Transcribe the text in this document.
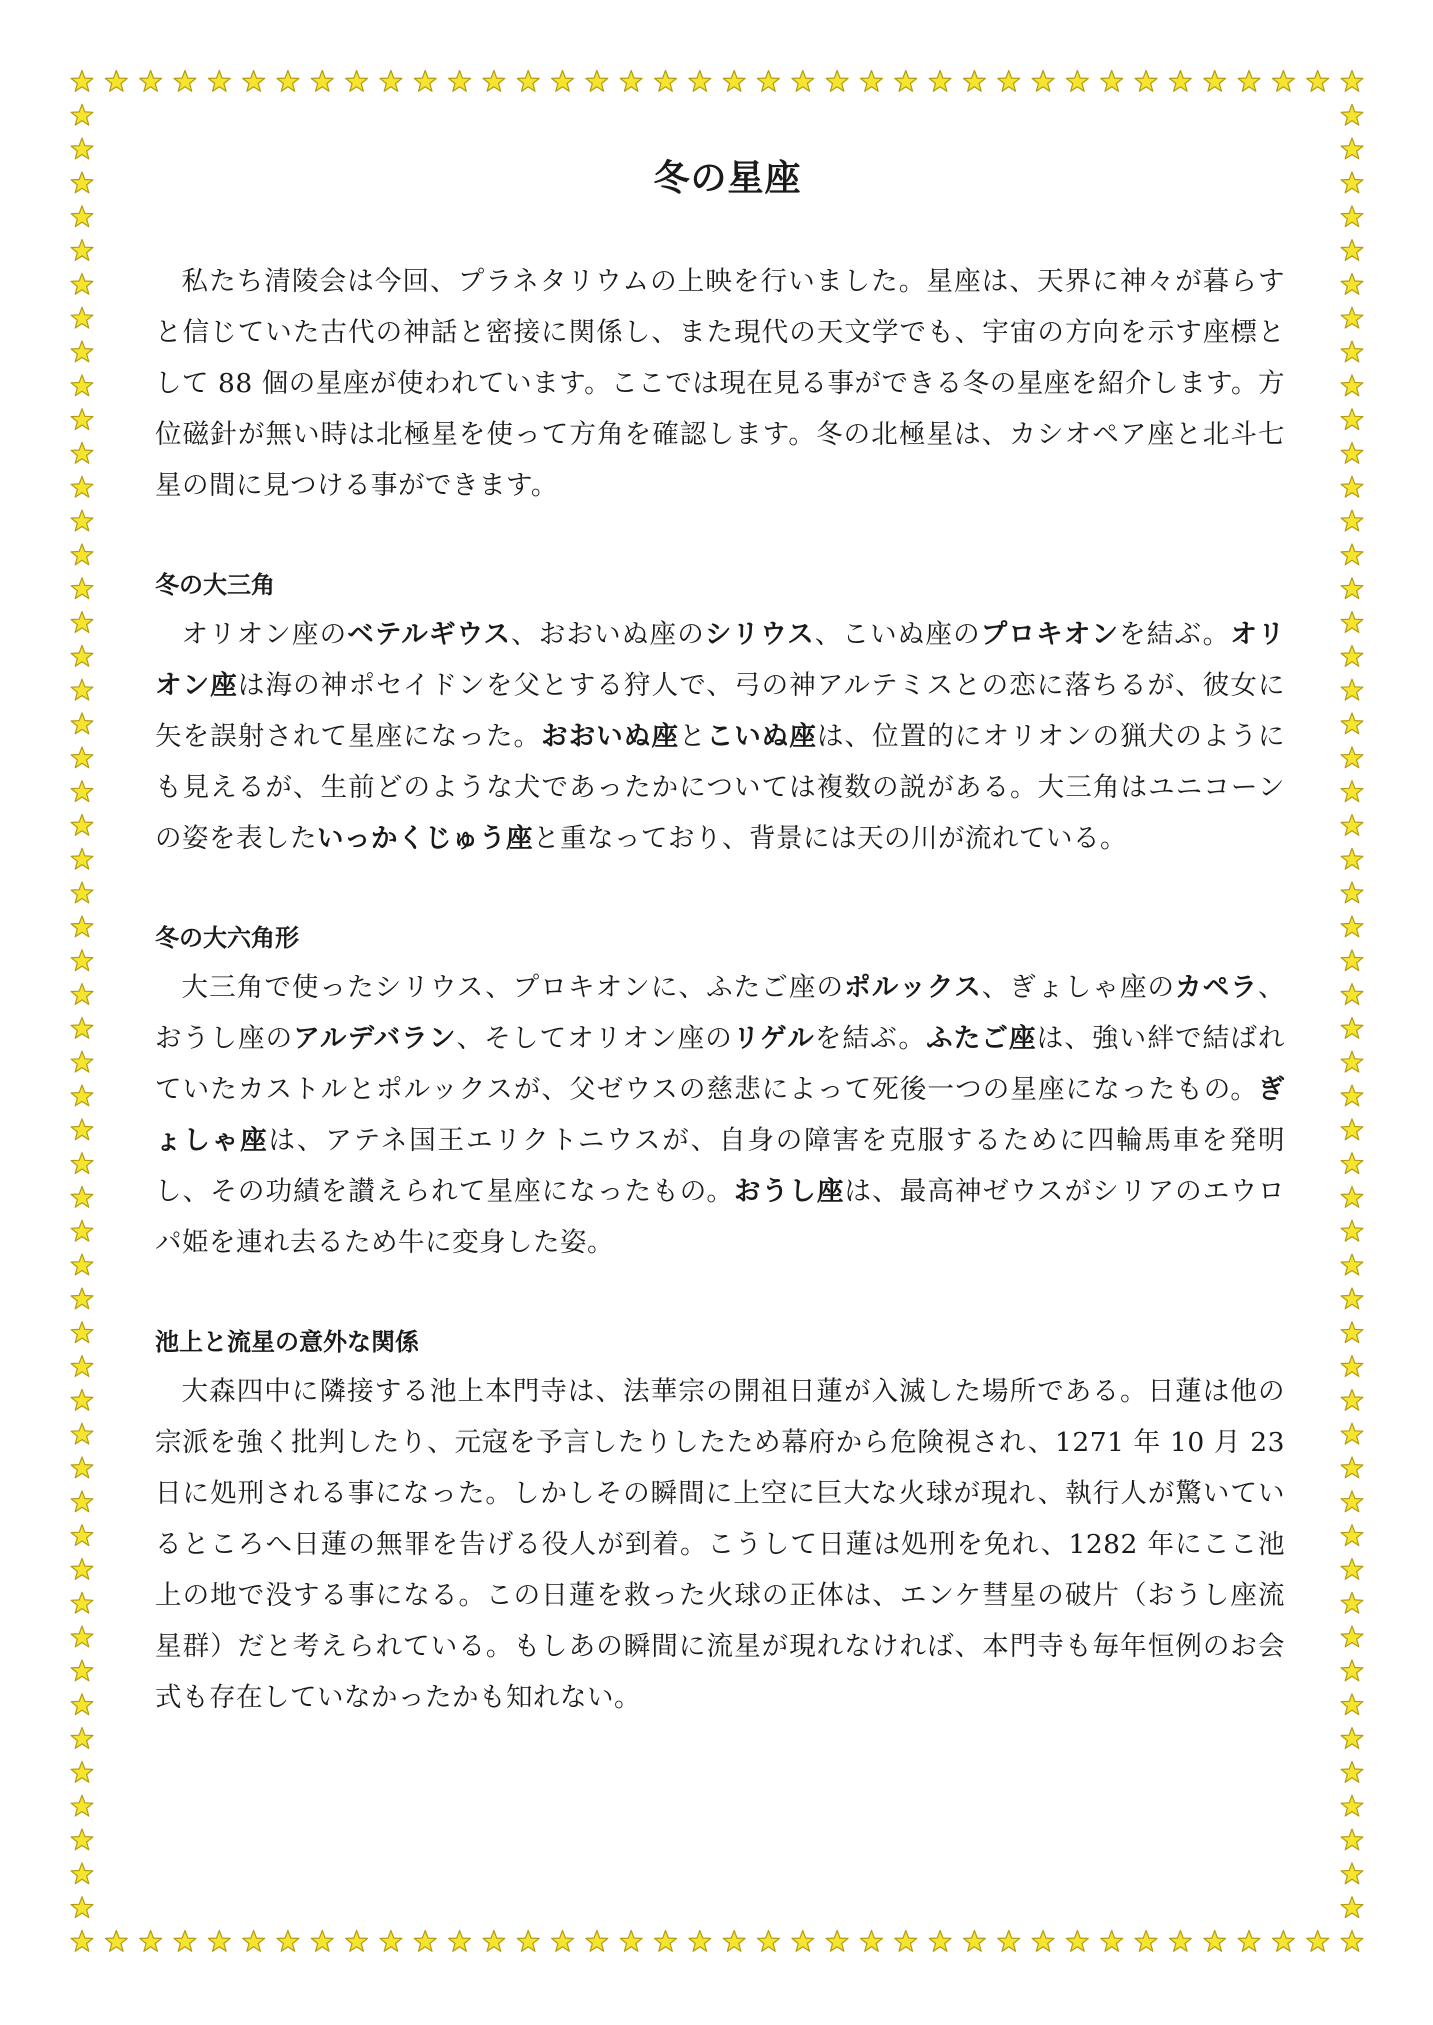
冬の星座

私たち清陵会は今回、プラネタリウムの上映を行いました。星座は、天界に神々が暮らすと信じていた古代の神話と密接に関係し、また現代の天文学でも、宇宙の方向を示す座標として 88 個の星座が使われています。ここでは現在見る事ができる冬の星座を紹介します。方位磁針が無い時は北極星を使って方角を確認します。冬の北極星は、カシオペア座と北斗七星の間に見つける事ができます。

冬の大三角

オリオン座のベテルギウス、おおいぬ座のシリウス、こいぬ座のプロキオンを結ぶ。オリオン座は海の神ポセイドンを父とする狩人で、弓の神アルテミスとの恋に落ちるが、彼女に矢を誤射されて星座になった。おおいぬ座とこいぬ座は、位置的にオリオンの猟犬のようにも見えるが、生前どのような犬であったかについては複数の説がある。大三角はユニコーンの姿を表したいっかくじゅう座と重なっており、背景には天の川が流れている。

冬の大六角形

大三角で使ったシリウス、プロキオンに、ふたご座のポルックス、ぎょしゃ座のカペラ、おうし座のアルデバラン、そしてオリオン座のリゲルを結ぶ。ふたご座は、強い絆で結ばれていたカストルとポルックスが、父ゼウスの慈悲によって死後一つの星座になったもの。ぎょしゃ座は、アテネ国王エリクトニウスが、自身の障害を克服するために四輪馬車を発明し、その功績を讃えられて星座になったもの。おうし座は、最高神ゼウスがシリアのエウロパ姫を連れ去るため牛に変身した姿。

池上と流星の意外な関係

大森四中に隣接する池上本門寺は、法華宗の開祖日蓮が入滅した場所である。日蓮は他の宗派を強く批判したり、元寇を予言したりしたため幕府から危険視され、1271 年 10 月 23 日に処刑される事になった。しかしその瞬間に上空に巨大な火球が現れ、執行人が驚いているところへ日蓮の無罪を告げる役人が到着。こうして日蓮は処刑を免れ、1282 年にここ池上の地で没する事になる。この日蓮を救った火球の正体は、エンケ彗星の破片（おうし座流星群）だと考えられている。もしあの瞬間に流星が現れなければ、本門寺も毎年恒例のお会式も存在していなかったかも知れない。
